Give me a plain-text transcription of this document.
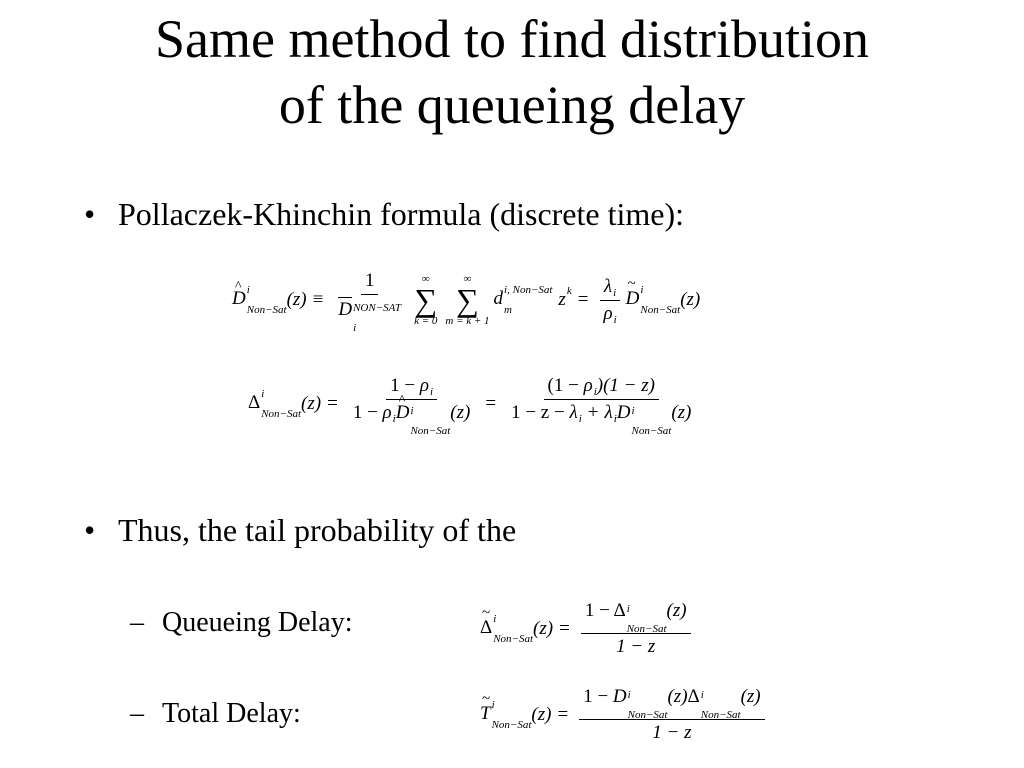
Same method to find distribution
of the queueing delay
• Pollaczek-Khinchin formula (discrete time):
^ D i
Non−Sat (z) ≡ 1
D NON−SAT
i ∞
∑
k = 0
∞
∑
m = k + 1
d i, Non−Sat
m	z $k = \frac{\text{λ i}}{\text{ρ i}}$ ~ D i
Non−Sat (z)
Δ i
Non−Sat (z) = 1 − ρ i
1 − ρ i ^ D i
Non−Sat
(z) = (1 − ρ i )(1 − z)
1 − z − λ i + λ i D i
Non−Sat
(z)
• Thus, the tail probability of the
– Queueing Delay:	~ Δ i
Non−Sat (z) = 1 − Δ i
Non−Sat
(z)
1 − z
– Total Delay:	~ T i
Non−Sat (z) = 1 − D i
Non−Sat
(z)Δ i
Non−Sat
(z)
1 − z
